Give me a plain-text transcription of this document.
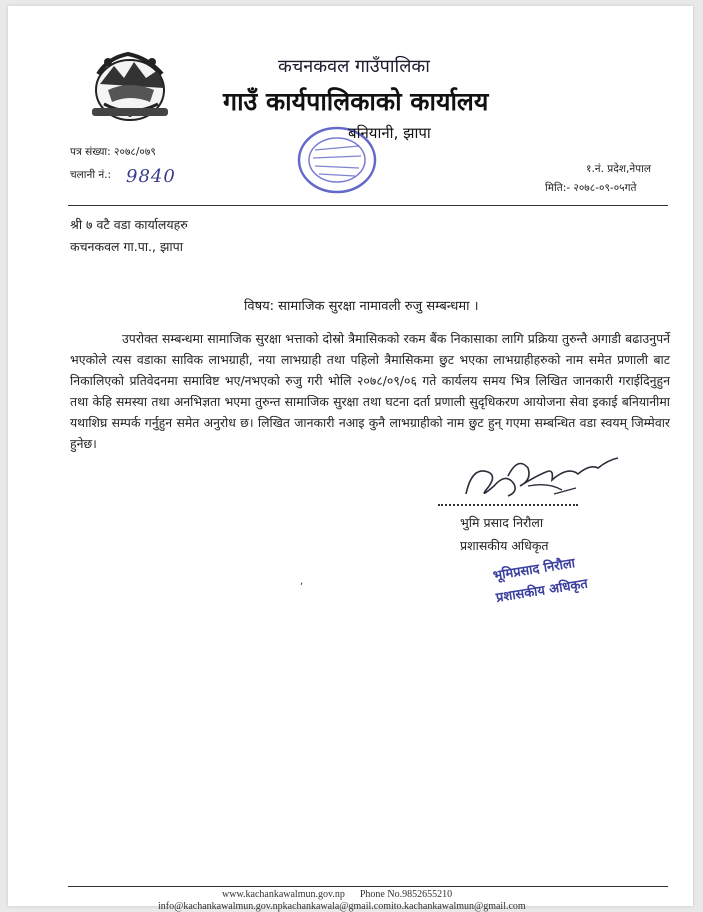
कचनकवल गाउँपालिका
गाउँ कार्यपालिकाको कार्यालय
बनियानी, झापा
पत्र संख्या: २०७८/०७९
चलानी नं.: 9840	१.नं. प्रदेश,नेपाल
मिति:- २०७८-०९-०५गते
श्री ७ वटै वडा कार्यालयहरु
कचनकवल गा.पा., झापा
विषय: सामाजिक सुरक्षा नामावली रुजु सम्बन्धमा ।
उपरोक्त सम्बन्धमा सामाजिक सुरक्षा भत्ताको दोस्रो त्रैमासिकको रकम बैंक निकासाका लागि प्रक्रिया तुरुन्तै अगाडी बढाउनुपर्ने भएकोले त्यस वडाका साविक लाभग्राही, नया लाभग्राही तथा पहिलो त्रैमासिकमा छुट भएका लाभग्राहीहरुको नाम समेत प्रणाली बाट निकालिएको प्रतिवेदनमा समाविष्ट भए/नभएको रुजु गरी भोलि २०७८/०९/०६ गते कार्यलय समय भित्र लिखित जानकारी गराईदिनुहुन तथा केहि समस्या तथा अनभिज्ञता भएमा तुरुन्त सामाजिक सुरक्षा तथा घटना दर्ता प्रणाली सुदृधिकरण आयोजना सेवा इकाई बनियानीमा यथाशिघ्र सम्पर्क गर्नुहुन समेत अनुरोध छ। लिखित जानकारी नआइ कुनै लाभग्राहीको नाम छुट हुन् गएमा सम्बन्धित वडा स्वयम् जिम्मेवार हुनेछ।
भुमि प्रसाद निरौला
प्रशासकीय अधिकृत
भूमिप्रसाद निरौला
प्रशासकीय अधिकृत
,
www.kachankawalmun.gov.np Phone No.9852655210
info@kachankawalmun.gov.npkachankawala@gmail.comito.kachankawalmun@gmail.com
